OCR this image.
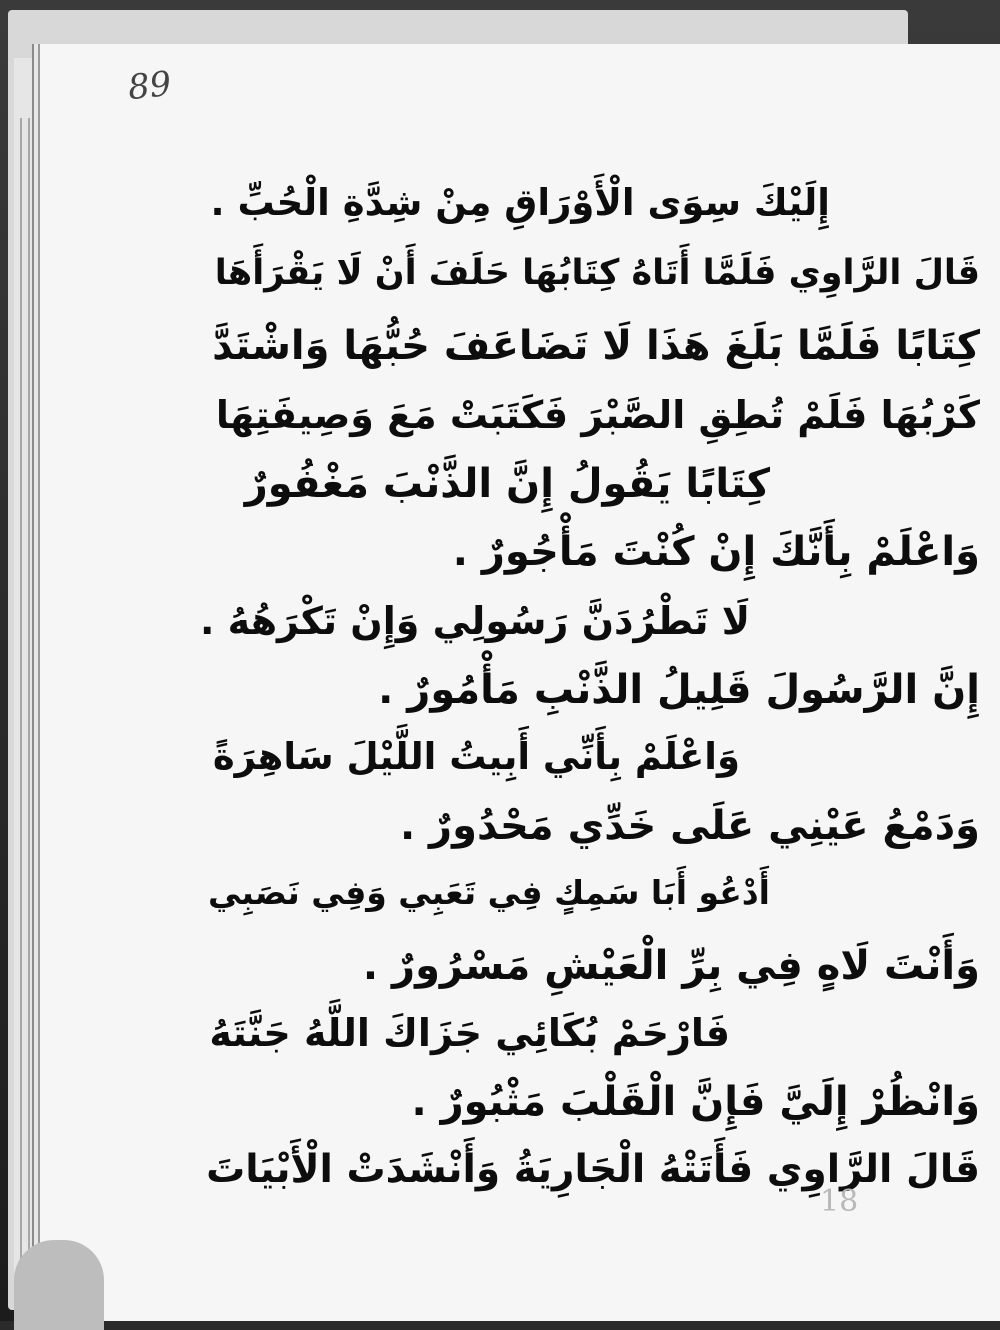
89
إِلَيْكَ سِوَى الْأَوْرَاقِ مِنْ شِدَّةِ الْحُبِّ .
قَالَ الرَّاوِي فَلَمَّا أَتَاهُ كِتَابُهَا حَلَفَ أَنْ لَا يَقْرَأَهَا
كِتَابًا فَلَمَّا بَلَغَ هَذَا لَا تَضَاعَفَ حُبُّهَا وَاشْتَدَّ
كَرْبُهَا فَلَمْ تُطِقِ الصَّبْرَ فَكَتَبَتْ مَعَ وَصِيفَتِهَا
كِتَابًا يَقُولُ إِنَّ الذَّنْبَ مَغْفُورٌ
وَاعْلَمْ بِأَنَّكَ إِنْ كُنْتَ مَأْجُورٌ .
لَا تَطْرُدَنَّ رَسُولِي وَإِنْ تَكْرَهُهُ .
إِنَّ الرَّسُولَ قَلِيلُ الذَّنْبِ مَأْمُورٌ .
وَاعْلَمْ بِأَنِّي أَبِيتُ اللَّيْلَ سَاهِرَةً
وَدَمْعُ عَيْنِي عَلَى خَدِّي مَحْدُورٌ .
أَدْعُو أَبَا سَمِكٍ فِي تَعَبِي وَفِي نَصَبِي
وَأَنْتَ لَاهٍ فِي بِرِّ الْعَيْشِ مَسْرُورٌ .
فَارْحَمْ بُكَائِي جَزَاكَ اللَّهُ جَنَّتَهُ
وَانْظُرْ إِلَيَّ فَإِنَّ الْقَلْبَ مَثْبُورٌ .
قَالَ الرَّاوِي فَأَتَتْهُ الْجَارِيَةُ وَأَنْشَدَتْ الْأَبْيَاتَ
18
